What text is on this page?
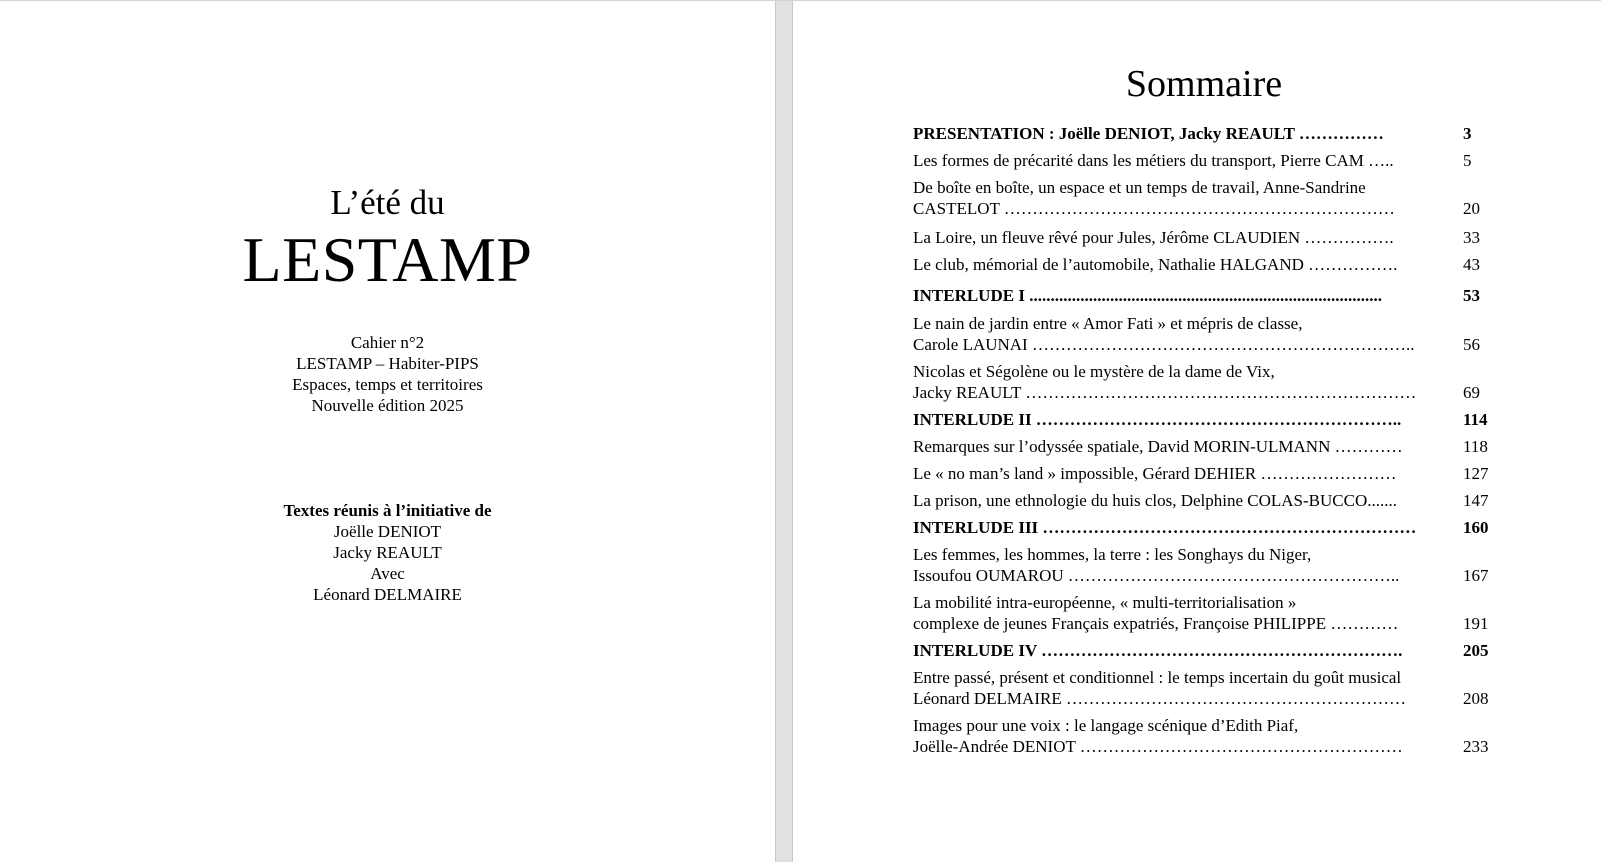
L’été du
LESTAMP
Cahier n°2
LESTAMP – Habiter-PIPS
Espaces, temps et territoires
Nouvelle édition 2025
Textes réunis à l’initiative de
Joëlle DENIOT
Jacky REAULT
Avec
Léonard DELMAIRE
Sommaire
PRESENTATION : Joëlle DENIOT, Jacky REAULT ……………	3
Les formes de précarité dans les métiers du transport, Pierre CAM …..	5
De boîte en boîte, un espace et un temps de travail, Anne-Sandrine
CASTELOT ……………………………………………………………	20
La Loire, un fleuve rêvé pour Jules, Jérôme CLAUDIEN …………….	33
Le club, mémorial de l’automobile, Nathalie HALGAND …………….	43
INTERLUDE I ...................................................................................	53
Le nain de jardin entre « Amor Fati » et mépris de classe,
Carole LAUNAI …………………………………………………………..	56
Nicolas et Ségolène ou le mystère de la dame de Vix,
Jacky REAULT ……………………………………………………………	69
INTERLUDE II ………………………………………………………..	114
Remarques sur l’odyssée spatiale, David MORIN-ULMANN …………	118
Le « no man’s land » impossible, Gérard DEHIER ……………………	127
La prison, une ethnologie du huis clos, Delphine COLAS-BUCCO.......	147
INTERLUDE III …………………………………………………………	160
Les femmes, les hommes, la terre : les Songhays du Niger,
Issoufou OUMAROU …………………………………………………..	167
La mobilité intra-européenne, « multi-territorialisation »
complexe de jeunes Français expatriés, Françoise PHILIPPE …………	191
INTERLUDE IV ……………………………………………………….	205
Entre passé, présent et conditionnel : le temps incertain du goût musical
Léonard DELMAIRE ……………………………………………………	208
Images pour une voix : le langage scénique d’Edith Piaf,
Joëlle-Andrée DENIOT …………………………………………………	233
